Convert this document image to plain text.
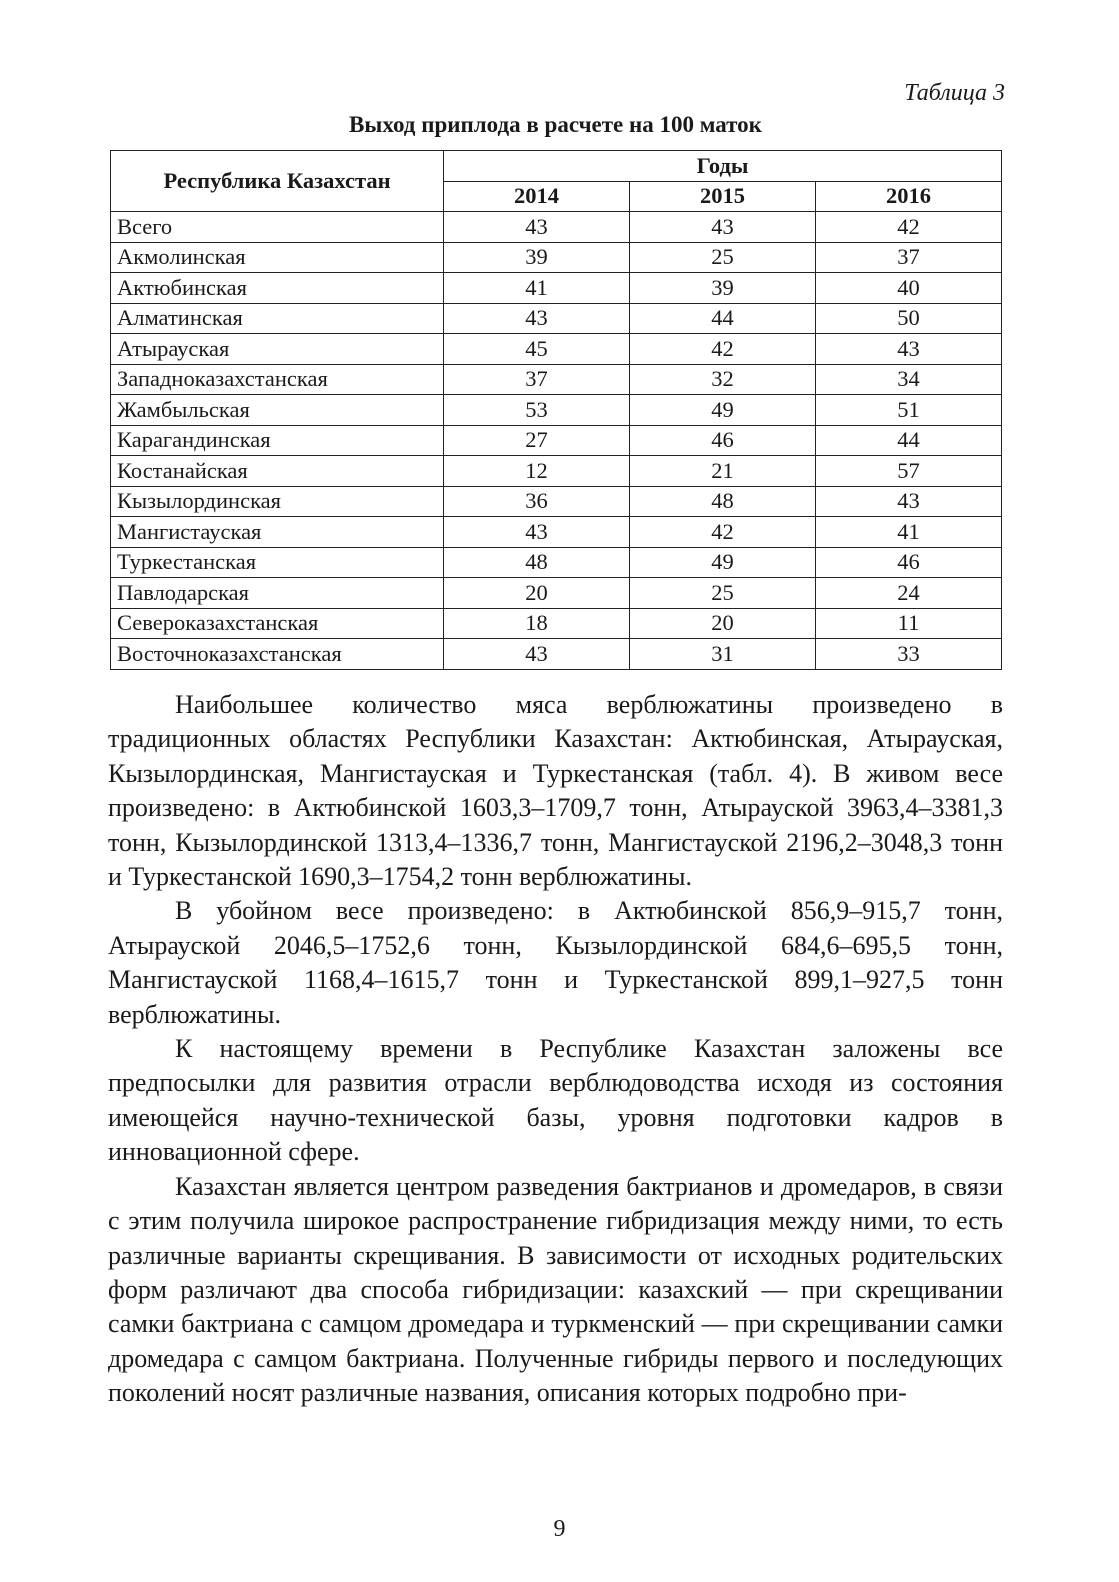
Таблица 3
Выход приплода в расчете на 100 маток
Республика Казахстан	Годы		
	2014	2015	2016
Всего	43	43	42
Акмолинская	39	25	37
Актюбинская	41	39	40
Алматинская	43	44	50
Атырауская	45	42	43
Западноказахстанская	37	32	34
Жамбыльская	53	49	51
Карагандинская	27	46	44
Костанайская	12	21	57
Кызылординская	36	48	43
Мангистауская	43	42	41
Туркестанская	48	49	46
Павлодарская	20	25	24
Североказахстанская	18	20	11
Восточноказахстанская	43	31	33

Наибольшее количество мяса верблюжатины произведено в традиционных областях Республики Казахстан: Актюбинская, Атырауская, Кызылординская, Мангистауская и Туркестанская (табл. 4). В живом весе произведено: в Актюбинской 1603,3–1709,7 тонн, Атырауской 3963,4–3381,3 тонн, Кызылординской 1313,4–1336,7 тонн, Мангистауской 2196,2–3048,3 тонн и Туркестанской 1690,3–1754,2 тонн верблюжатины.

В убойном весе произведено: в Актюбинской 856,9–915,7 тонн, Атырауской 2046,5–1752,6 тонн, Кызылординской 684,6–695,5 тонн, Мангистауской 1168,4–1615,7 тонн и Туркестанской 899,1–927,5 тонн верблюжатины.

К настоящему времени в Республике Казахстан заложены все предпосылки для развития отрасли верблюдоводства исходя из состояния имеющейся научно-технической базы, уровня подготовки кадров в инновационной сфере.

Казахстан является центром разведения бактрианов и дромедаров, в связи с этим получила широкое распространение гибридизация между ними, то есть различные варианты скрещивания. В зависимости от исходных родительских форм различают два способа гибридизации: казахский — при скрещивании самки бактриана с самцом дромедара и туркменский — при скрещивании самки дромедара с самцом бактриана. Полученные гибриды первого и последующих поколений носят различные названия, описания которых подробно при-

9
